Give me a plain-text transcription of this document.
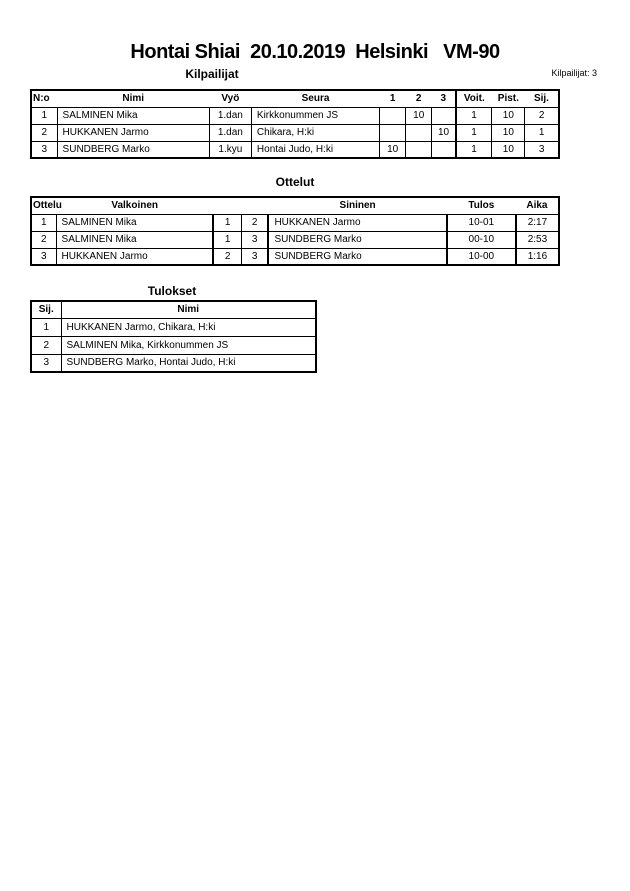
Hontai Shiai  20.10.2019  Helsinki   VM-90
Kilpailijat	Kilpailijat: 3
N:o	Nimi	Vyö	Seura	1	2	3	Voit.	Pist.	Sij.
1	SALMINEN Mika	1.dan	Kirkkonummen JS		10		1	10	2
2	HUKKANEN Jarmo	1.dan	Chikara, H:ki			10	1	10	1
3	SUNDBERG Marko	1.kyu	Hontai Judo, H:ki	10			1	10	3
Ottelut
Ottelu	Valkoinen			Sininen	Tulos	Aika
1	SALMINEN Mika	1	2	HUKKANEN Jarmo	10-01	2:17
2	SALMINEN Mika	1	3	SUNDBERG Marko	00-10	2:53
3	HUKKANEN Jarmo	2	3	SUNDBERG Marko	10-00	1:16
Tulokset
Sij.	Nimi
1	HUKKANEN Jarmo, Chikara, H:ki
2	SALMINEN Mika, Kirkkonummen JS
3	SUNDBERG Marko, Hontai Judo, H:ki
